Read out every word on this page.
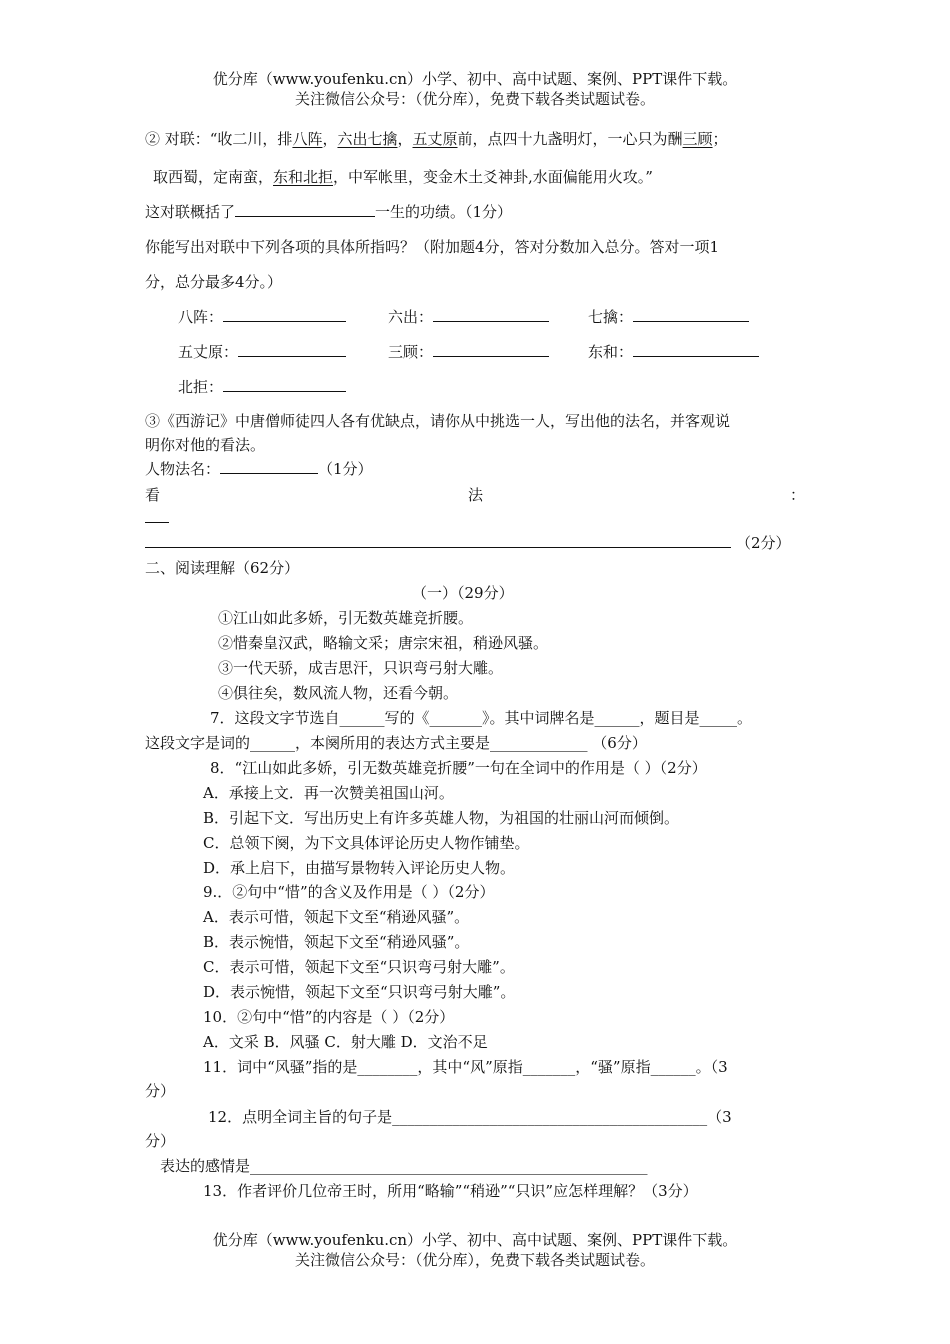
优分库（www.youfenku.cn）小学、初中、高中试题、案例、PPT课件下载。
关注微信公众号：（优分库），免费下载各类试题试卷。
② 对联：“收二川，排八阵，六出七擒，五丈原前，点四十九盏明灯，一心只为酬三顾；
取西蜀，定南蛮，东和北拒，中军帐里，变金木土爻神卦,水面偏能用火攻。”
这对联概括了	一生的功绩。（1分）
你能写出对联中下列各项的具体所指吗？（附加题4分，答对分数加入总分。答对一项1
分，总分最多4分。）
八阵：	六出：	七擒：
五丈原：	三顾：	东和：
北拒：
③《西游记》中唐僧师徒四人各有优缺点，请你从中挑选一人，写出他的法名，并客观说
明你对他的看法。
人物法名：	（1分）
看	法	：
（2分）
二、阅读理解（62分）
（一）（29分）
①江山如此多娇，引无数英雄竞折腰。
②惜秦皇汉武，略输文采；唐宗宋祖，稍逊风骚。
③一代天骄，成吉思汗，只识弯弓射大雕。
④俱往矣，数风流人物，还看今朝。
7．这段文字节选自______写的《_______》。其中词牌名是______，题目是_____。
这段文字是词的______，本阕所用的表达方式主要是_____________ （6分）
8．“江山如此多娇，引无数英雄竞折腰”一句在全词中的作用是（ ）（2分）
A．承接上文．再一次赞美祖国山河。
B．引起下文．写出历史上有许多英雄人物，为祖国的壮丽山河而倾倒。
C．总领下阕，为下文具体评论历史人物作铺垫。
D．承上启下，由描写景物转入评论历史人物。
9.．②句中“惜”的含义及作用是（ ）（2分）
A．表示可惜，领起下文至“稍逊风骚”。
B．表示惋惜，领起下文至“稍逊风骚”。
C．表示可惜，领起下文至“只识弯弓射大雕”。
D．表示惋惜，领起下文至“只识弯弓射大雕”。
10．②句中“惜”的内容是（ ）（2分）
A．文采 B．风骚 C．射大雕 D．文治不足
11．词中“风骚”指的是________，其中“风”原指_______，“骚”原指______。（3
分）
12．点明全词主旨的句子是__________________________________________（3
分）
表达的感情是_____________________________________________________
13．作者评价几位帝王时，所用“略输”“稍逊”“只识”应怎样理解？（3分）
优分库（www.youfenku.cn）小学、初中、高中试题、案例、PPT课件下载。
关注微信公众号：（优分库），免费下载各类试题试卷。
